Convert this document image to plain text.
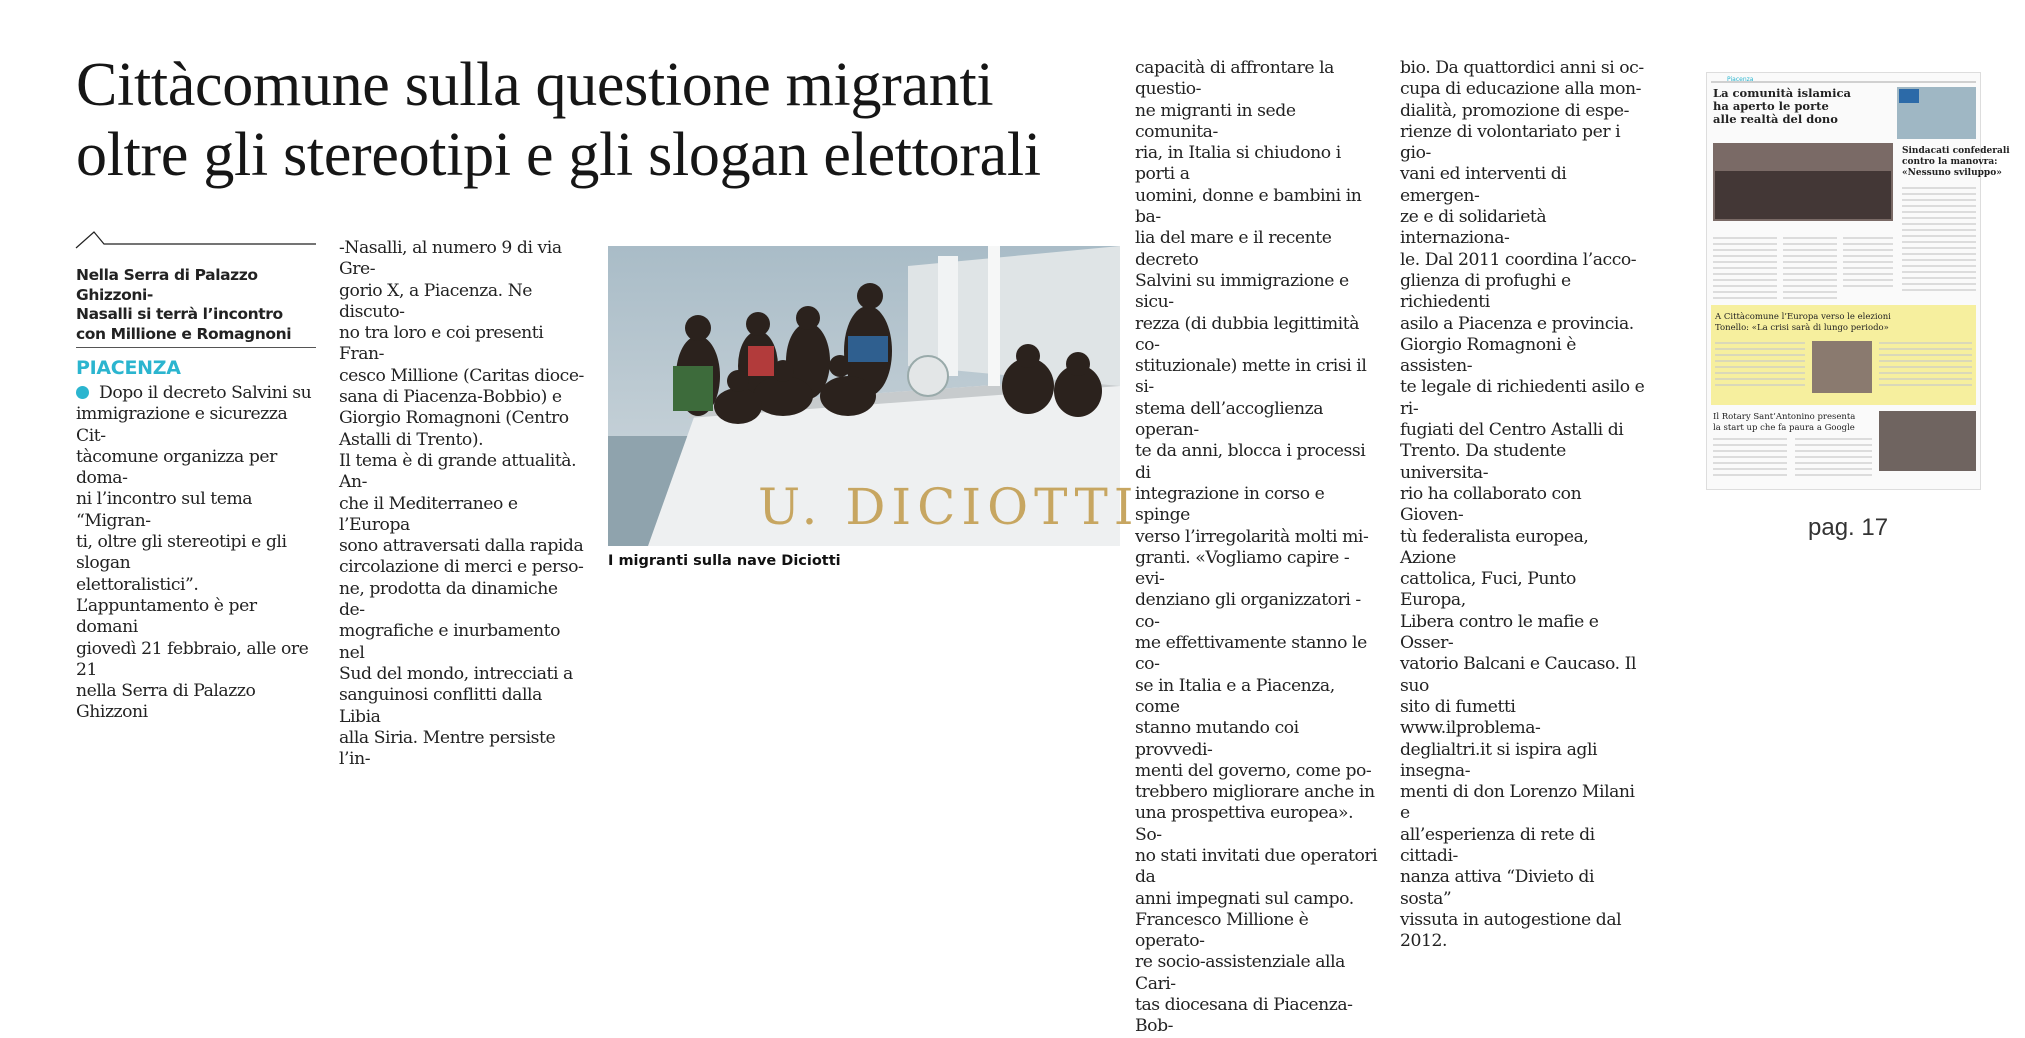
Cittàcomune sulla questione migranti
oltre gli stereotipi e gli slogan elettorali
Nella Serra di Palazzo Ghizzoni-
Nasalli si terrà l’incontro
con Millione e Romagnoni
PIACENZA

Dopo il decreto Salvini su
immigrazione e sicurezza Cit-
tàcomune organizza per doma-
ni l’incontro sul tema “Migran-
ti, oltre gli stereotipi e gli slogan
elettoralistici”.
L’appuntamento è per domani
giovedì 21 febbraio, alle ore 21
nella Serra di Palazzo Ghizzoni

-Nasalli, al numero 9 di via Gre-
gorio X, a Piacenza. Ne discuto-
no tra loro e coi presenti Fran-
cesco Millione (Caritas dioce-
sana di Piacenza-Bobbio) e
Giorgio Romagnoni (Centro
Astalli di Trento).
Il tema è di grande attualità. An-
che il Mediterraneo e l’Europa
sono attraversati dalla rapida
circolazione di merci e perso-
ne, prodotta da dinamiche de-
mografiche e inurbamento nel
Sud del mondo, intrecciati a
sanguinosi conflitti dalla Libia
alla Siria. Mentre persiste l’in-

U. DICIOTTI
I migranti sulla nave Diciotti

capacità di affrontare la questio-
ne migranti in sede comunita-
ria, in Italia si chiudono i porti a
uomini, donne e bambini in ba-
lia del mare e il recente decreto
Salvini su immigrazione e sicu-
rezza (di dubbia legittimità co-
stituzionale) mette in crisi il si-
stema dell’accoglienza operan-
te da anni, blocca i processi di
integrazione in corso e spinge
verso l’irregolarità molti mi-
granti. «Vogliamo capire - evi-
denziano gli organizzatori - co-
me effettivamente stanno le co-
se in Italia e a Piacenza, come
stanno mutando coi provvedi-
menti del governo, come po-
trebbero migliorare anche in
una prospettiva europea». So-
no stati invitati due operatori da
anni impegnati sul campo.
Francesco Millione è operato-
re socio-assistenziale alla Cari-
tas diocesana di Piacenza-Bob-

bio. Da quattordici anni si oc-
cupa di educazione alla mon-
dialità, promozione di espe-
rienze di volontariato per i gio-
vani ed interventi di emergen-
ze e di solidarietà internaziona-
le. Dal 2011 coordina l’acco-
glienza di profughi e richiedenti
asilo a Piacenza e provincia.
Giorgio Romagnoni è assisten-
te legale di richiedenti asilo e ri-
fugiati del Centro Astalli di
Trento. Da studente universita-
rio ha collaborato con Gioven-
tù federalista europea, Azione
cattolica, Fuci, Punto Europa,
Libera contro le mafie e Osser-
vatorio Balcani e Caucaso. Il suo
sito di fumetti www.ilproblema-
deglialtri.it si ispira agli insegna-
menti di don Lorenzo Milani e
all’esperienza di rete di cittadi-
nanza attiva “Divieto di sosta”
vissuta in autogestione dal
2012.

Piacenza
La comunità islamica ha aperto le porte alle realtà del dono
Sindacati confederali contro la manovra: «Nessuno sviluppo»
A Cittàcomune l’Europa verso le elezioni Tonello: «La crisi sarà di lungo periodo»
Il Rotary Sant’Antonino presenta la start up che fa paura a Google
pag. 17
